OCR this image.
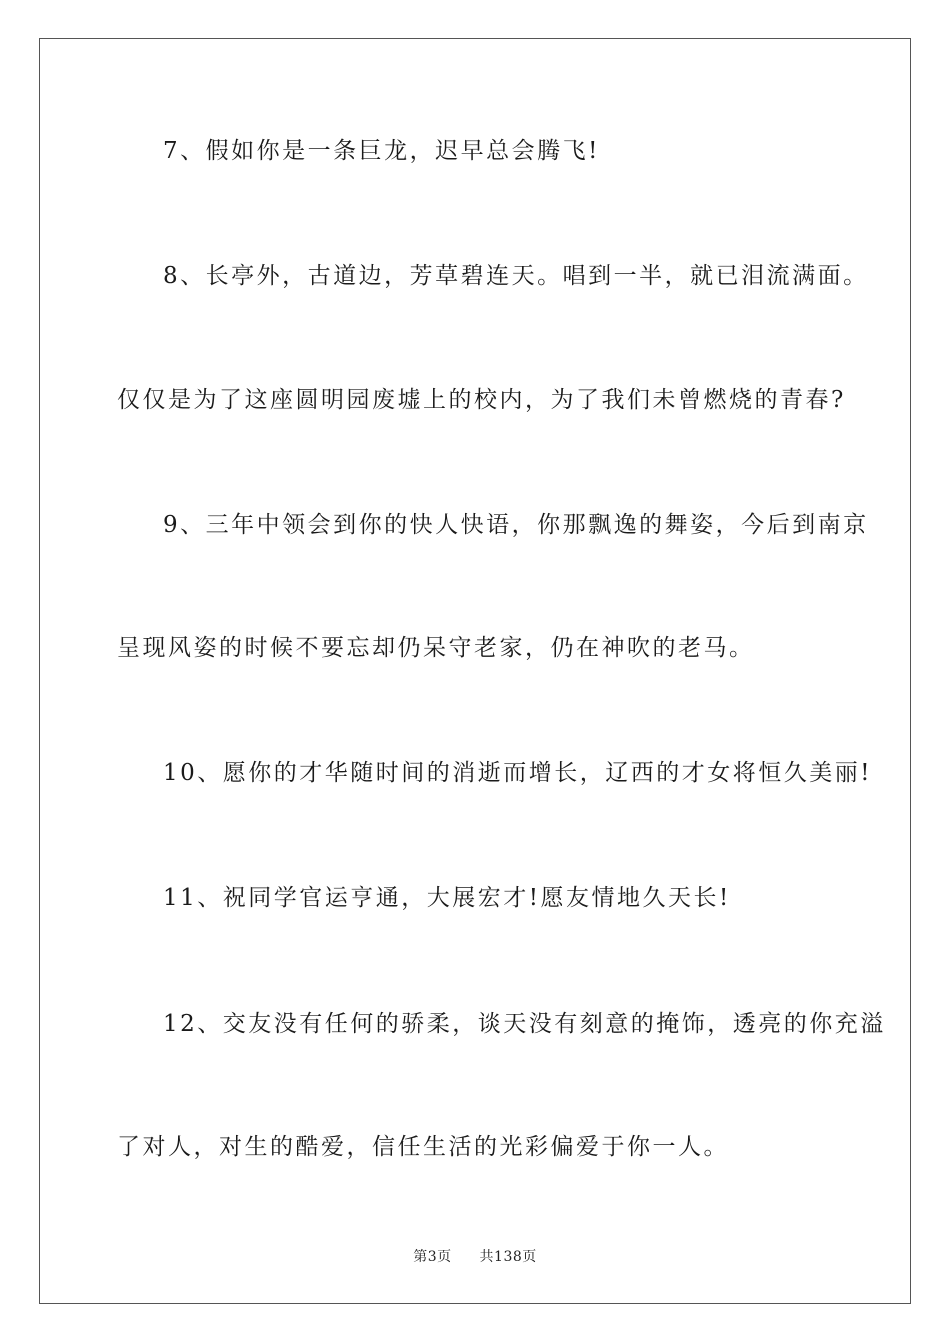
7、假如你是一条巨龙，迟早总会腾飞!
8、长亭外，古道边，芳草碧连天。唱到一半，就已泪流满面。
仅仅是为了这座圆明园废墟上的校内，为了我们未曾燃烧的青春?
9、三年中领会到你的快人快语，你那飘逸的舞姿，今后到南京
呈现风姿的时候不要忘却仍呆守老家，仍在神吹的老马。
10、愿你的才华随时间的消逝而增长，辽西的才女将恒久美丽!
11、祝同学官运亨通，大展宏才!愿友情地久天长!
12、交友没有任何的骄柔，谈天没有刻意的掩饰，透亮的你充溢
了对人，对生的酷爱，信任生活的光彩偏爱于你一人。
第3页 共138页
